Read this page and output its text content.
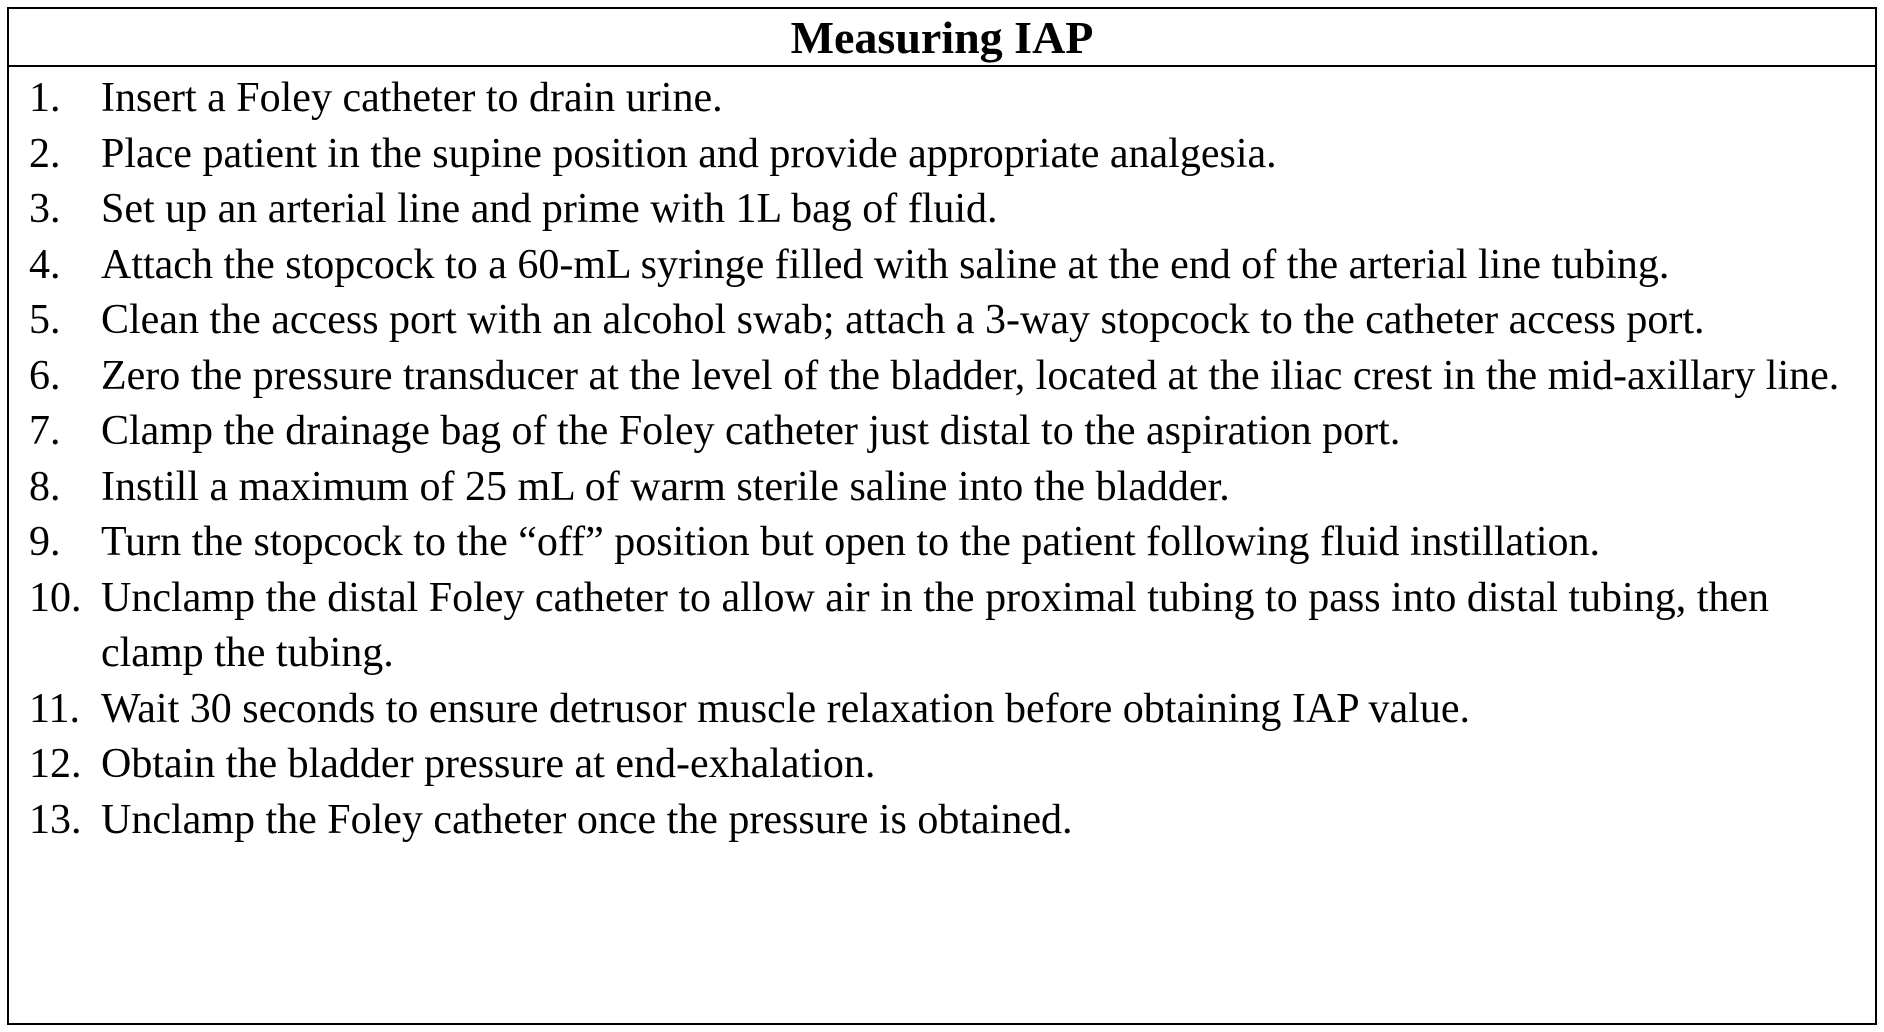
Measuring IAP
1. Insert a Foley catheter to drain urine.
2. Place patient in the supine position and provide appropriate analgesia.
3. Set up an arterial line and prime with 1L bag of fluid.
4. Attach the stopcock to a 60-mL syringe filled with saline at the end of the arterial line tubing.
5. Clean the access port with an alcohol swab; attach a 3-way stopcock to the catheter access port.
6. Zero the pressure transducer at the level of the bladder, located at the iliac crest in the mid-axillary line.
7. Clamp the drainage bag of the Foley catheter just distal to the aspiration port.
8. Instill a maximum of 25 mL of warm sterile saline into the bladder.
9. Turn the stopcock to the “off” position but open to the patient following fluid instillation.
10. Unclamp the distal Foley catheter to allow air in the proximal tubing to pass into distal tubing, then clamp the tubing.
11. Wait 30 seconds to ensure detrusor muscle relaxation before obtaining IAP value.
12. Obtain the bladder pressure at end-exhalation.
13. Unclamp the Foley catheter once the pressure is obtained.
